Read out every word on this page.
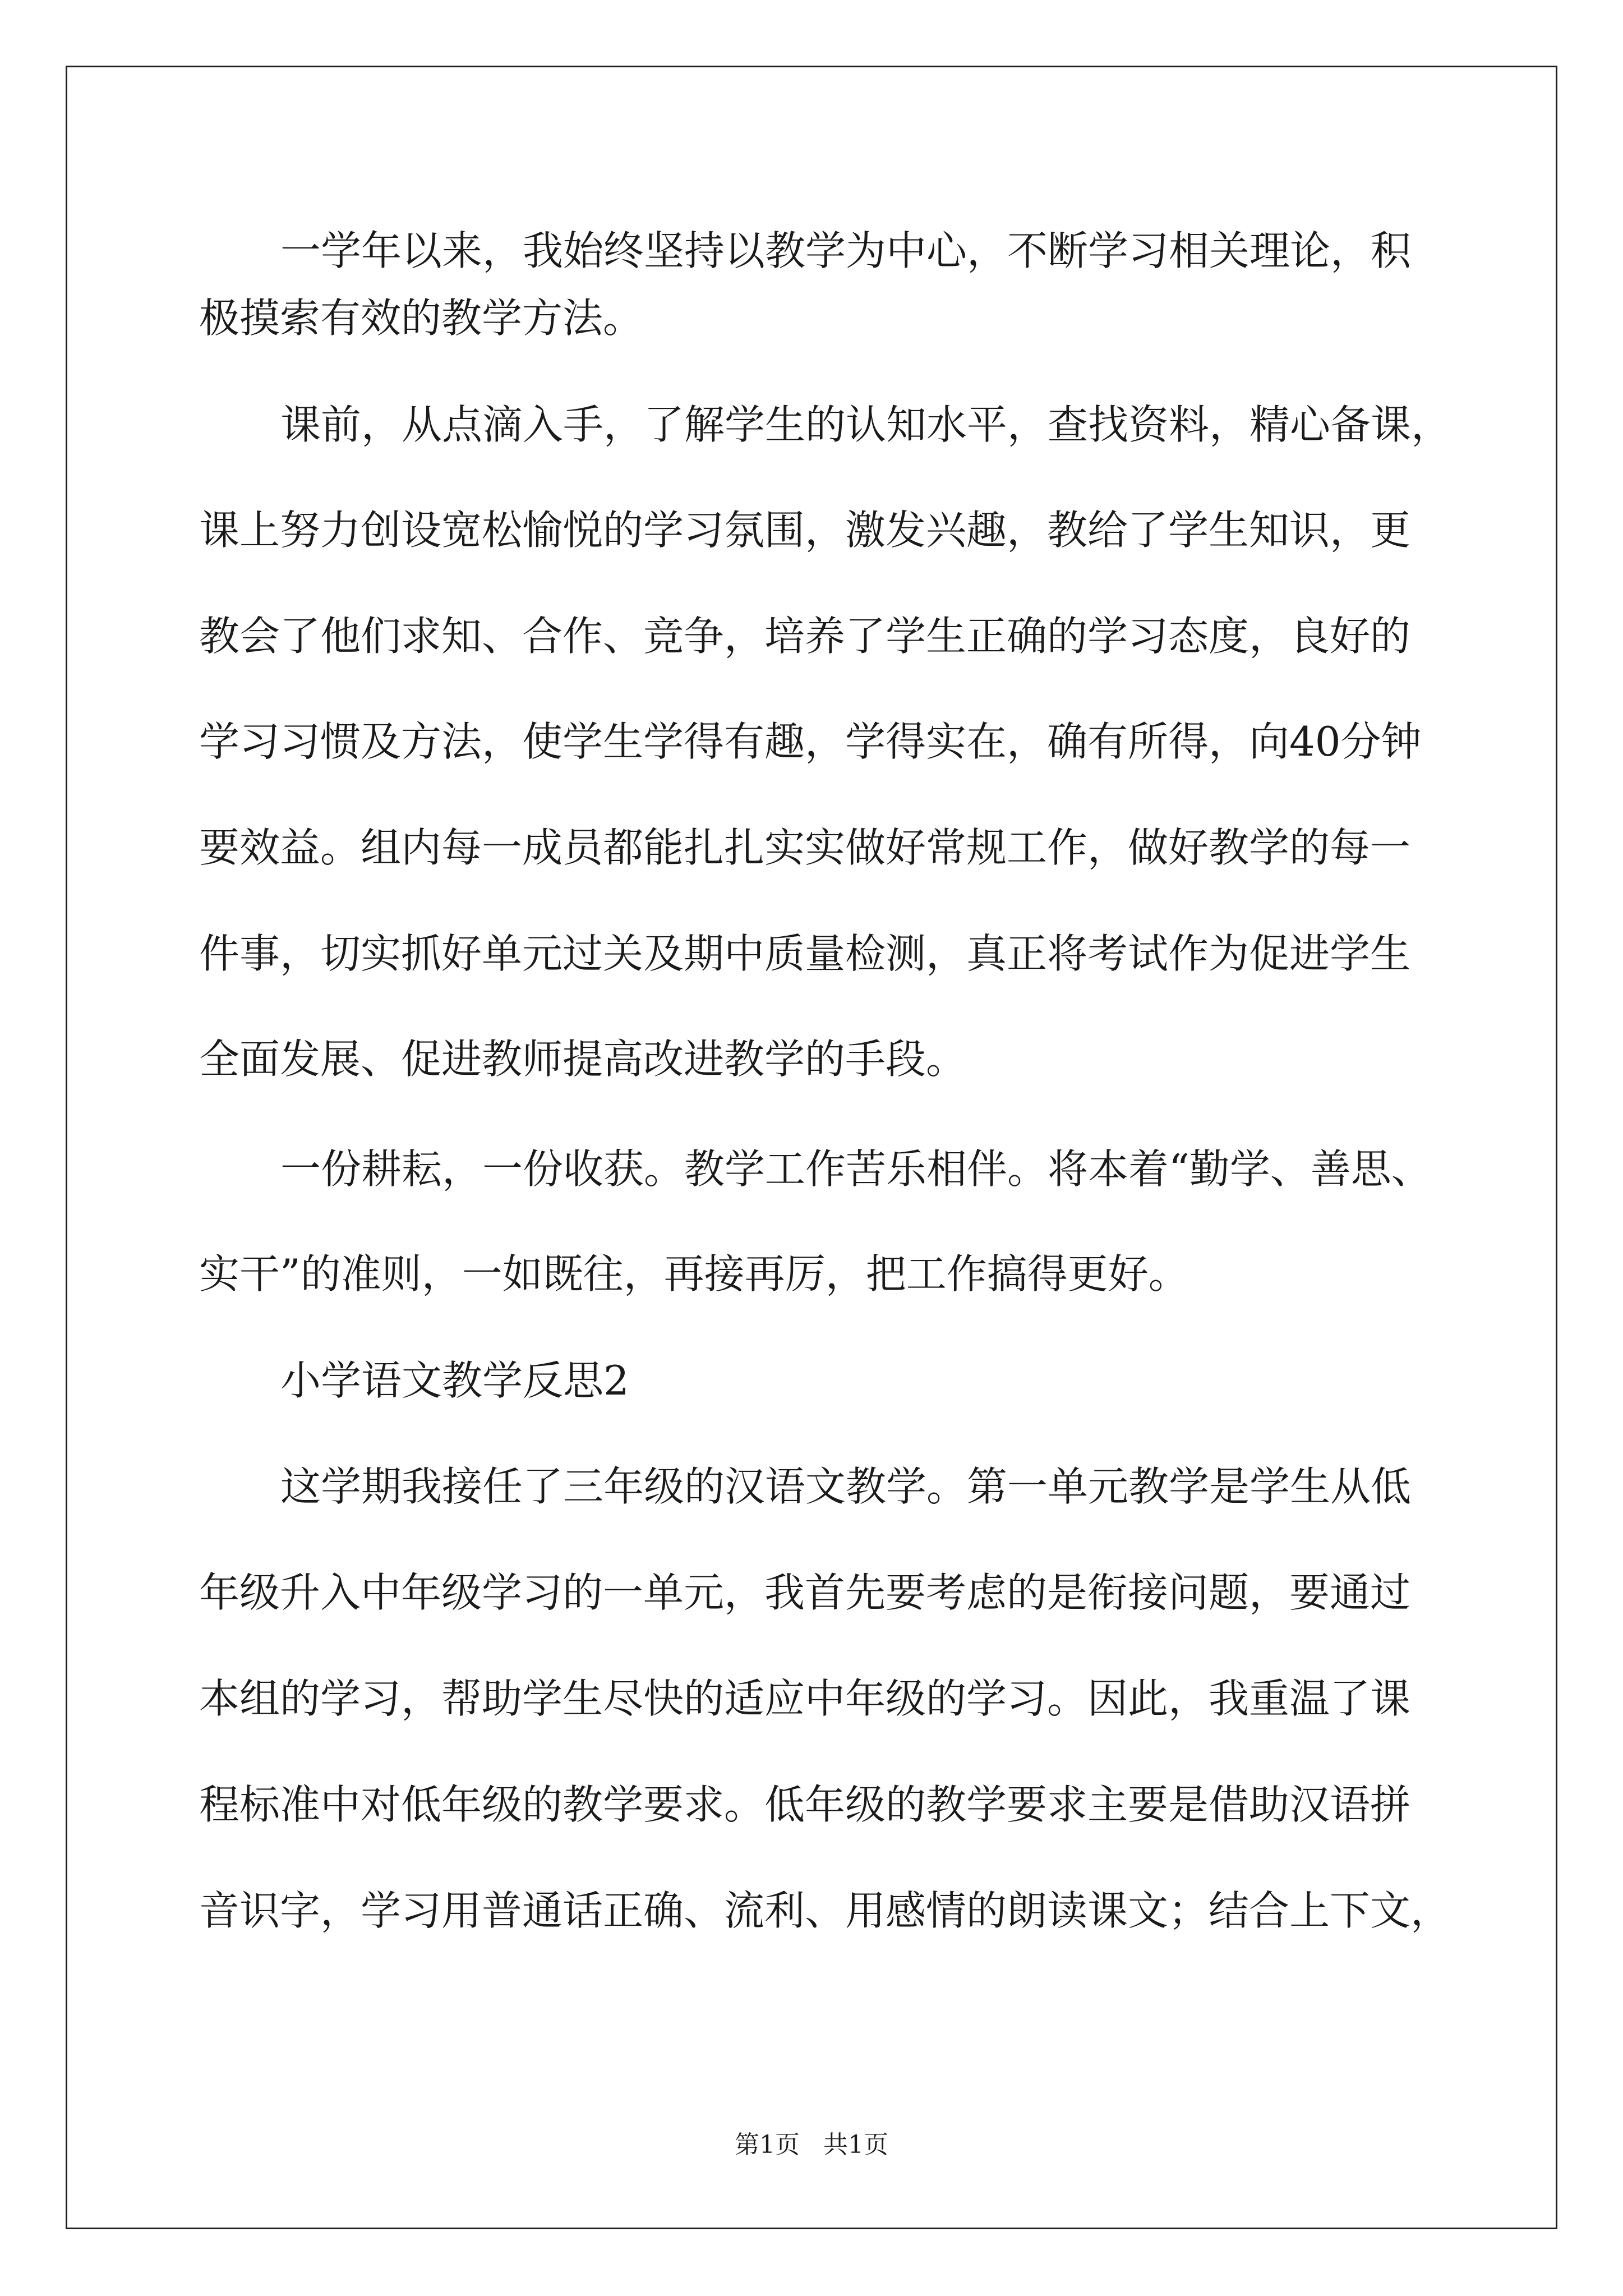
一学年以来，我始终坚持以教学为中心，不断学习相关理论，积
极摸索有效的教学方法。
课前，从点滴入手，了解学生的认知水平，查找资料，精心备课，
课上努力创设宽松愉悦的学习氛围，激发兴趣，教给了学生知识，更
教会了他们求知、合作、竞争，培养了学生正确的学习态度，良好的
学习习惯及方法，使学生学得有趣，学得实在，确有所得，向40分钟
要效益。组内每一成员都能扎扎实实做好常规工作，做好教学的每一
件事，切实抓好单元过关及期中质量检测，真正将考试作为促进学生
全面发展、促进教师提高改进教学的手段。
一份耕耘，一份收获。教学工作苦乐相伴。将本着“勤学、善思、
实干”的准则，一如既往，再接再厉，把工作搞得更好。
小学语文教学反思2
这学期我接任了三年级的汉语文教学。第一单元教学是学生从低
年级升入中年级学习的一单元，我首先要考虑的是衔接问题，要通过
本组的学习，帮助学生尽快的适应中年级的学习。因此，我重温了课
程标准中对低年级的教学要求。低年级的教学要求主要是借助汉语拼
音识字，学习用普通话正确、流利、用感情的朗读课文；结合上下文，
第1页   共1页
